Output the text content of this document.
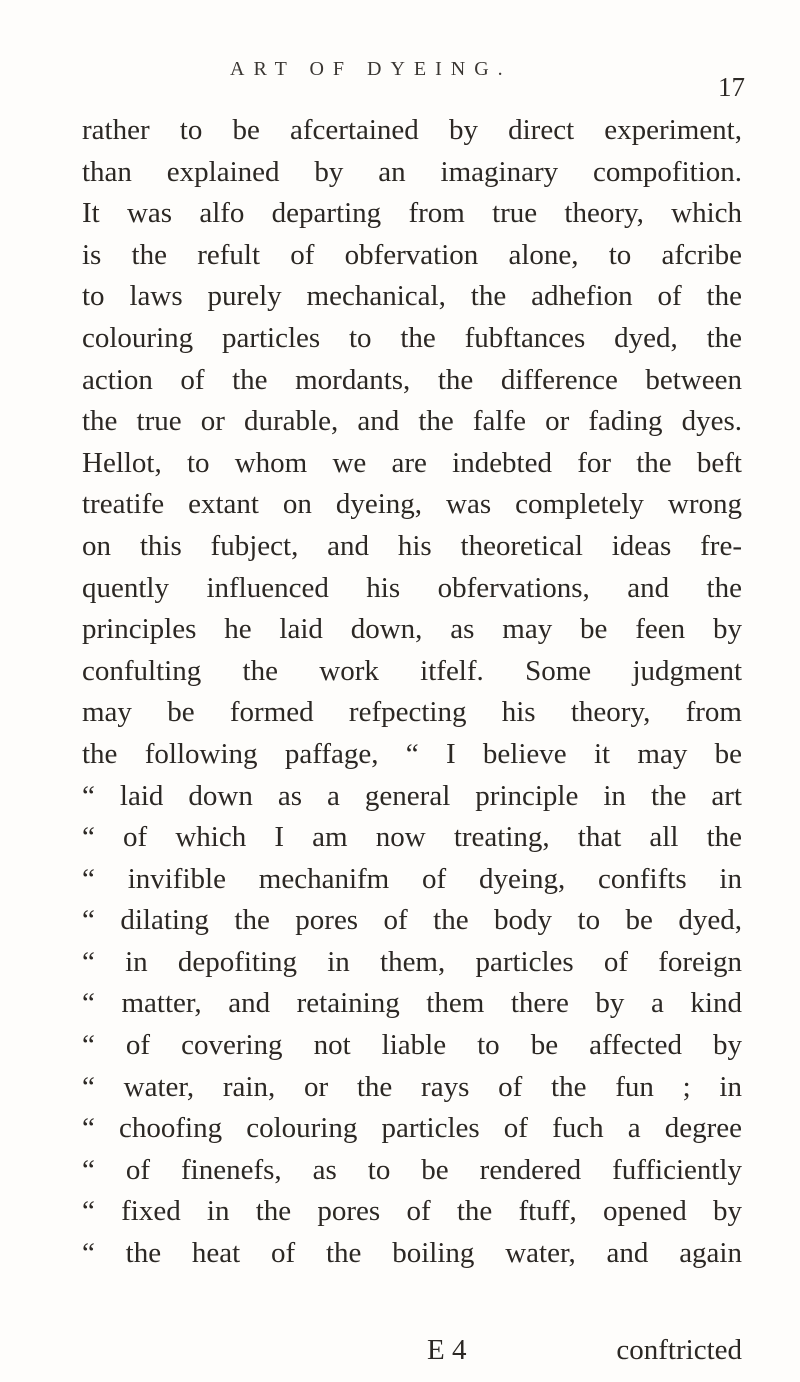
ART OF DYEING.
17
rather to be afcertained by direct experiment,
than explained by an imaginary compofition.
It was alfo departing from true theory, which
is the refult of obfervation alone, to afcribe
to laws purely mechanical, the adhefion of the
colouring particles to the fubftances dyed, the
action of the mordants, the difference between
the true or durable, and the falfe or fading dyes.
Hellot, to whom we are indebted for the beft
treatife extant on dyeing, was completely wrong
on this fubject, and his theoretical ideas fre-
quently influenced his obfervations, and the
principles he laid down, as may be feen by
confulting the work itfelf. Some judgment
may be formed refpecting his theory, from
the following paffage, “ I believe it may be
“ laid down as a general principle in the art
“ of which I am now treating, that all the
“ invifible mechanifm of dyeing, confifts in
“ dilating the pores of the body to be dyed,
“ in depofiting in them, particles of foreign
“ matter, and retaining them there by a kind
“ of covering not liable to be affected by
“ water, rain, or the rays of the fun ; in
“ choofing colouring particles of fuch a degree
“ of finenefs, as to be rendered fufficiently
“ fixed in the pores of the ftuff, opened by
“ the heat of the boiling water, and again
E 4	conftricted
